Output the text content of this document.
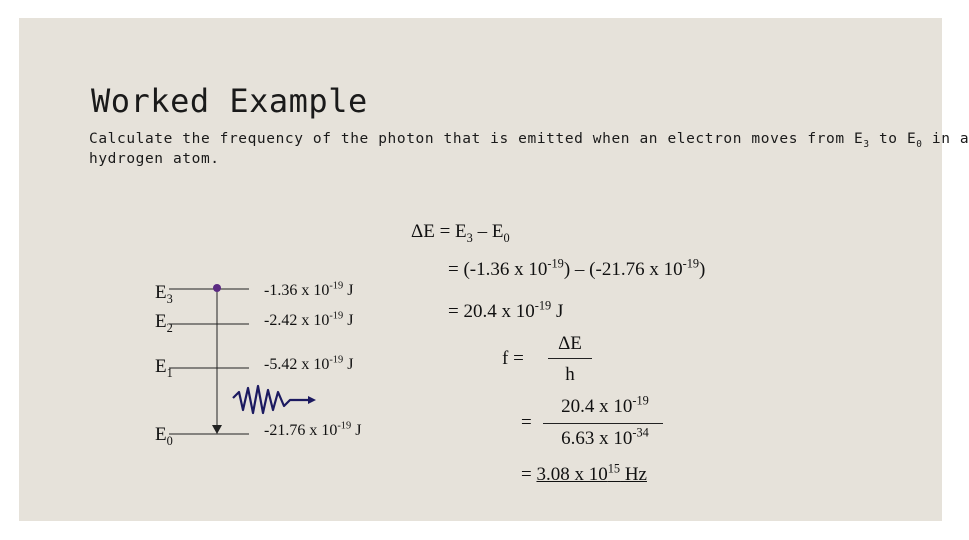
Worked Example
Calculate the frequency of the photon that is emitted when an electron moves from $E_3$ to $E_0$ in a
hydrogen atom.
$E_3$
$E_2$
$E_1$
$E_0$
-1.36 x $10^{-19}$ J
-2.42 x $10^{-19}$ J
-5.42 x $10^{-19}$ J
-21.76 x $10^{-19}$ J
$\Delta E = E_3 - E_0$
= (-1.36 x $10^{-19}) - (-21.76$ x $10^{-19}$)
= 20.4 x $10^{-19}$ J
f =
ΔE
h
=
20.4 x $10^{-19}$
6.63 x $10^{-34}$
= 3.08 x $10^{15}$ Hz
